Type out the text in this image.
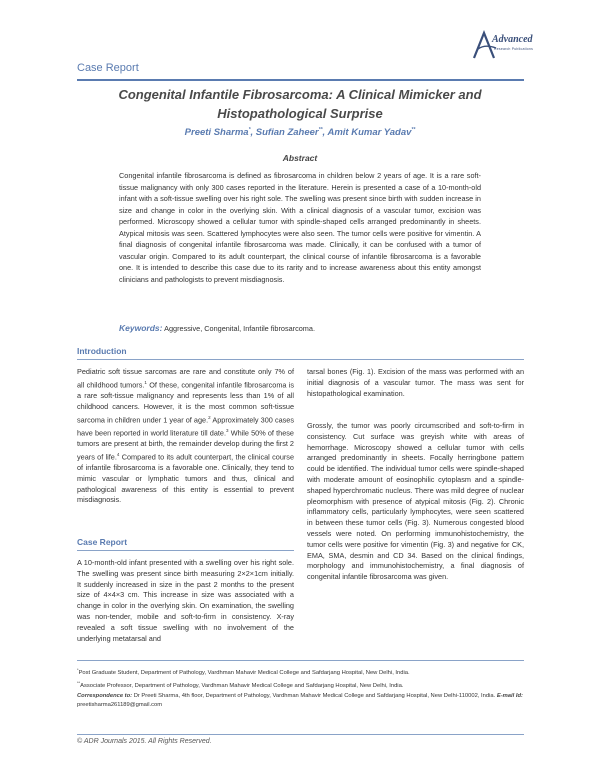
Advanced
Research Publications
Case Report
Congenital Infantile Fibrosarcoma: A Clinical Mimicker and
Histopathological Surprise
Preeti Sharma*, Sufian Zaheer**, Amit Kumar Yadav**
Abstract
Congenital infantile fibrosarcoma is defined as fibrosarcoma in children below 2 years of age. It is a rare soft-tissue malignancy with only 300 cases reported in the literature. Herein is presented a case of a 10-month-old infant with a soft-tissue swelling over his right sole. The swelling was present since birth with sudden increase in size and change in color in the overlying skin. With a clinical diagnosis of a vascular tumor, excision was performed. Microscopy showed a cellular tumor with spindle-shaped cells arranged predominantly in sheets. Atypical mitosis was seen. Scattered lymphocytes were also seen. The tumor cells were positive for vimentin. A final diagnosis of congenital infantile fibrosarcoma was made. Clinically, it can be confused with a tumor of vascular origin. Compared to its adult counterpart, the clinical course of infantile fibrosarcoma is a favorable one. It is intended to describe this case due to its rarity and to increase awareness about this entity amongst clinicians and pathologists to prevent misdiagnosis.
Keywords: Aggressive, Congenital, Infantile fibrosarcoma.
Introduction
Pediatric soft tissue sarcomas are rare and constitute only 7% of all childhood tumors.$^1$ Of these, congenital infantile fibrosarcoma is a rare soft-tissue malignancy and represents less than 1% of all childhood cancers. However, it is the most common soft-tissue sarcoma in children under 1 year of age.$^2$ Approximately 300 cases have been reported in world literature till date.$^3$ While 50% of these tumors are present at birth, the remainder develop during the first 2 years of life.$^4$ Compared to its adult counterpart, the clinical course of infantile fibrosarcoma is a favorable one. Clinically, they tend to mimic vascular or lymphatic tumors and thus, clinical and pathological awareness of this entity is essential to prevent misdiagnosis.
Case Report
A 10-month-old infant presented with a swelling over his right sole. The swelling was present since birth measuring 2×2×1cm initially. It suddenly increased in size in the past 2 months to the present size of 4×4×3 cm. This increase in size was associated with a change in color in the overlying skin. On examination, the swelling was non-tender, mobile and soft-to-firm in consistency. X-ray revealed a soft tissue swelling with no involvement of the underlying metatarsal and
tarsal bones (Fig. 1). Excision of the mass was performed with an initial diagnosis of a vascular tumor. The mass was sent for histopathological examination.
Grossly, the tumor was poorly circumscribed and soft-to-firm in consistency. Cut surface was greyish white with areas of hemorrhage. Microscopy showed a cellular tumor with cells arranged predominantly in sheets. Focally herringbone pattern could be identified. The individual tumor cells were spindle-shaped with moderate amount of eosinophilic cytoplasm and a spindle-shaped hyperchromatic nucleus. There was mild degree of nuclear pleomorphism with presence of atypical mitosis (Fig. 2). Chronic inflammatory cells, particularly lymphocytes, were seen scattered in between these tumor cells (Fig. 3). Numerous congested blood vessels were noted. On performing immunohistochemistry, the tumor cells were positive for vimentin (Fig. 3) and negative for CK, EMA, SMA, desmin and CD 34. Based on the clinical findings, morphology and immunohistochemistry, a final diagnosis of congenital infantile fibrosarcoma was given.
*Post Graduate Student, Department of Pathology, Vardhman Mahavir Medical College and Safdarjang Hospital, New Delhi, India.
**Associate Professor, Department of Pathology, Vardhman Mahavir Medical College and Safdarjang Hospital, New Delhi, India.
Correspondence to: Dr Preeti Sharma, 4th floor, Department of Pathology, Vardhman Mahavir Medical College and Safdarjang Hospital, New Delhi-110002, India. E-mail Id: preetisharma261189@gmail.com
© ADR Journals 2015. All Rights Reserved.
